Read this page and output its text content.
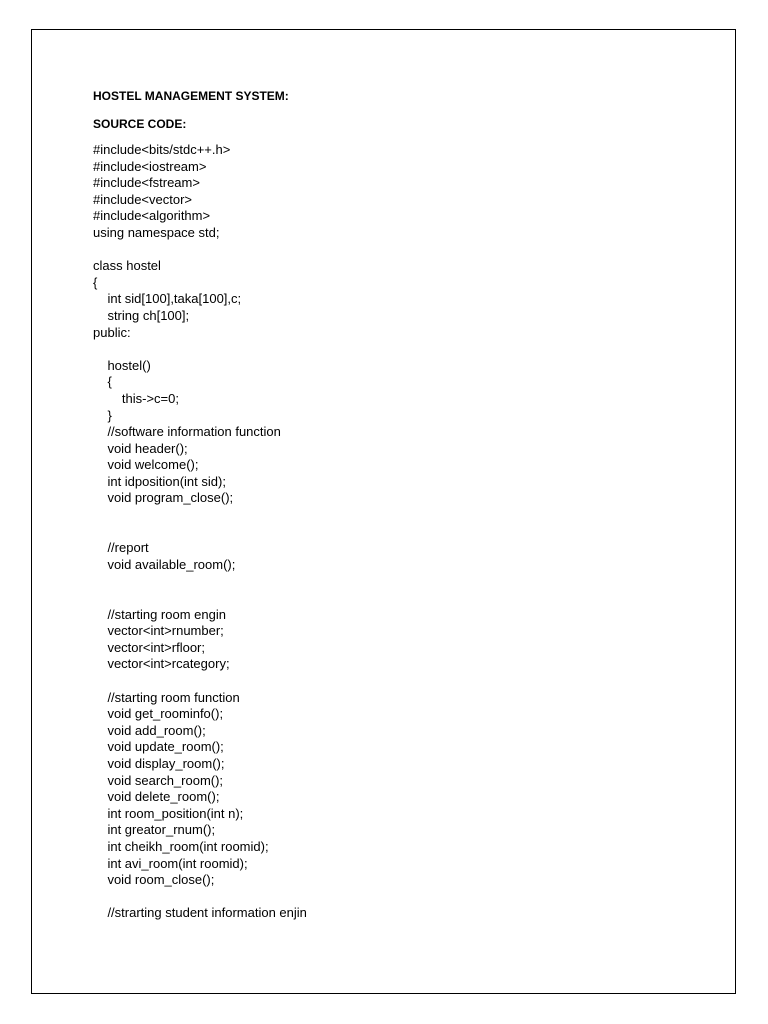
HOSTEL MANAGEMENT SYSTEM:
SOURCE CODE:
#include<bits/stdc++.h>
#include<iostream>
#include<fstream>
#include<vector>
#include<algorithm>
using namespace std;
class hostel
{
int sid[100],taka[100],c;
string ch[100];
public:
hostel()
{
this->c=0;
}
//software information function
void header();
void welcome();
int idposition(int sid);
void program_close();
//report
void available_room();
//starting room engin
vector<int>rnumber;
vector<int>rfloor;
vector<int>rcategory;
//starting room function
void get_roominfo();
void add_room();
void update_room();
void display_room();
void search_room();
void delete_room();
int room_position(int n);
int greator_rnum();
int cheikh_room(int roomid);
int avi_room(int roomid);
void room_close();
//strarting student information enjin
